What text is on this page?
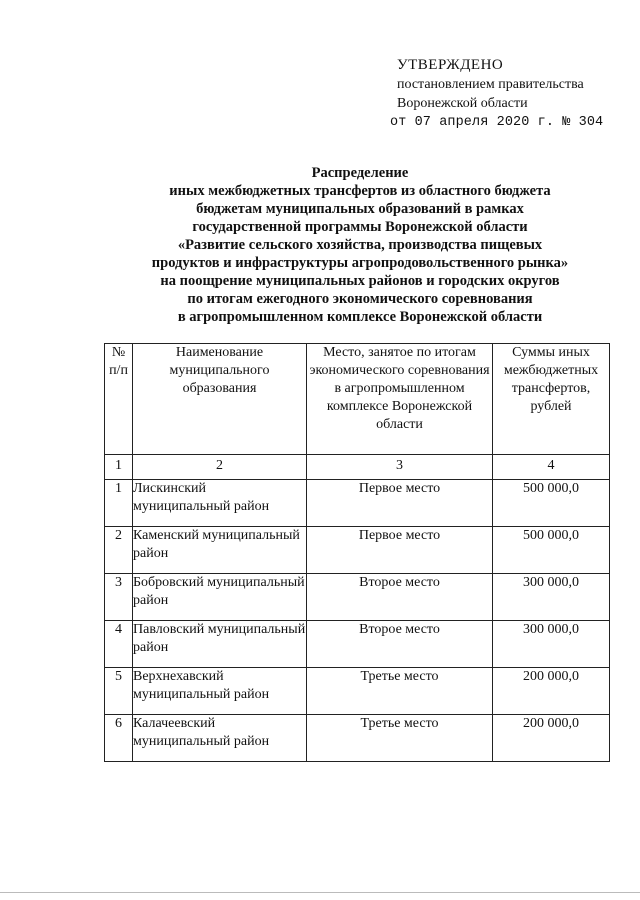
УТВЕРЖДЕНО
постановлением правительства
Воронежской области
от 07 апреля 2020 г. № 304
Распределение
иных межбюджетных трансфертов из областного бюджета
бюджетам муниципальных образований в рамках
государственной программы Воронежской области
«Развитие сельского хозяйства, производства пищевых
продуктов и инфраструктуры агропродовольственного рынка»
на поощрение муниципальных районов и городских округов
по итогам ежегодного экономического соревнования
в агропромышленном комплексе Воронежской области
№ п/п	Наименование муниципального образования	Место, занятое по итогам экономического соревнования в агропромышленном комплексе Воронежской области	Суммы иных межбюджетных трансфертов, рублей
1	2	3	4
1	Лискинский муниципальный район	Первое место	500 000,0
2	Каменский муниципальный район	Первое место	500 000,0
3	Бобровский муниципальный район	Второе место	300 000,0
4	Павловский муниципальный район	Второе место	300 000,0
5	Верхнехавский муниципальный район	Третье место	200 000,0
6	Калачеевский муниципальный район	Третье место	200 000,0
